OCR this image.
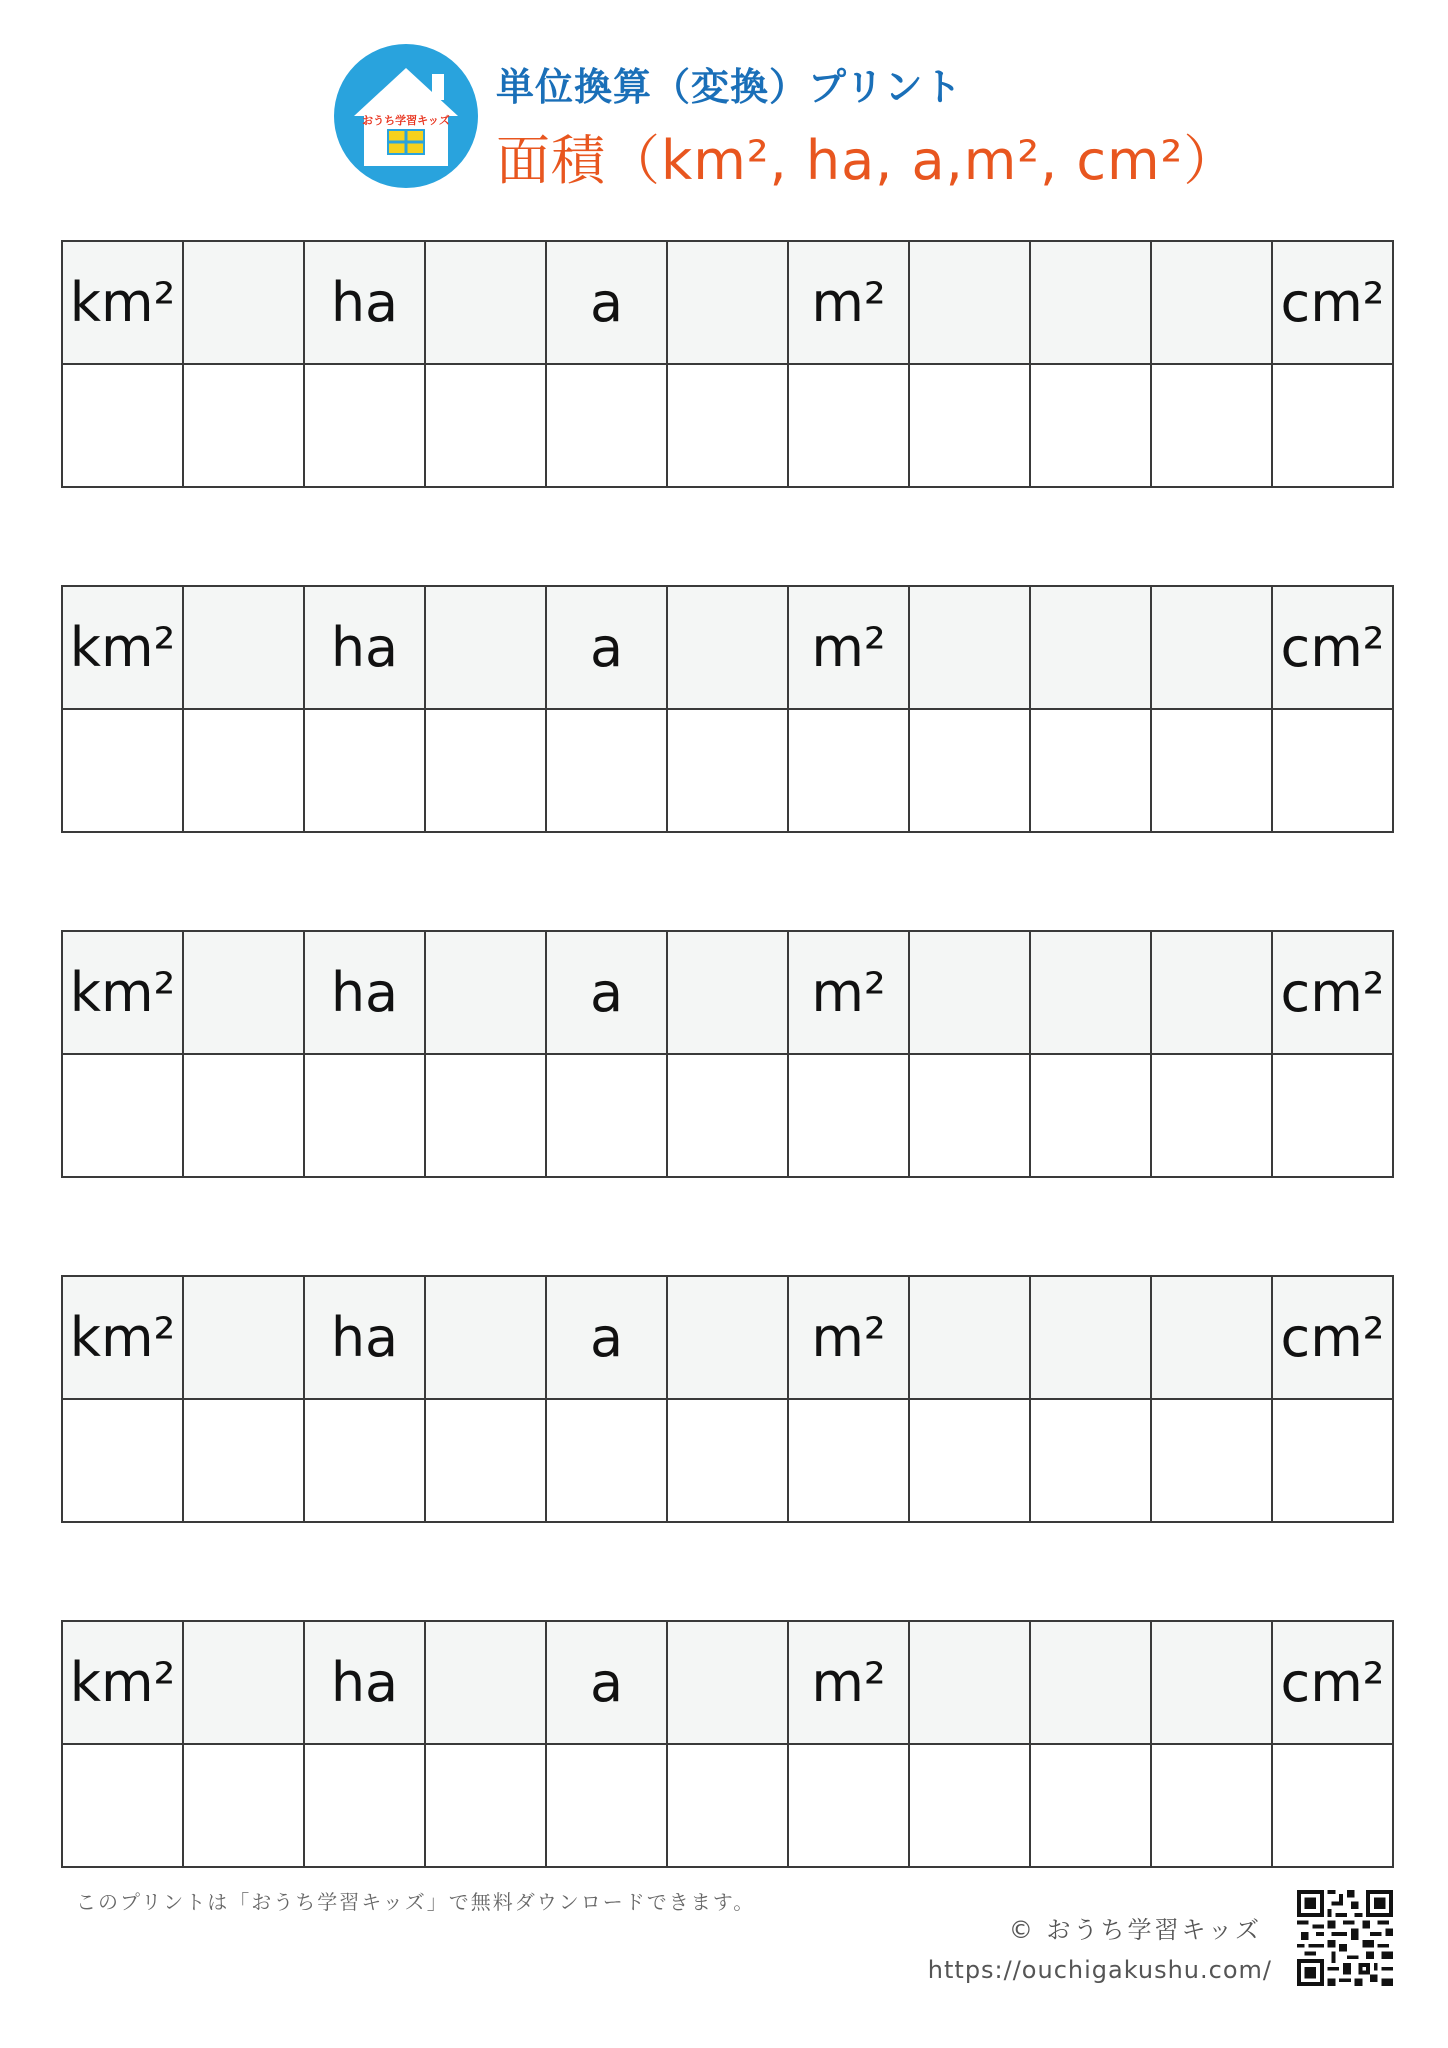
おうち学習キッズ
単位換算（変換）プリント
面積（km², ha, a,m², cm²）
km²		ha		a		m²				cm²

km²		ha		a		m²				cm²

km²		ha		a		m²				cm²

km²		ha		a		m²				cm²

km²		ha		a		m²				cm²

このプリントは「おうち学習キッズ」で無料ダウンロードできます。
© おうち学習キッズ
https://ouchigakushu.com/
